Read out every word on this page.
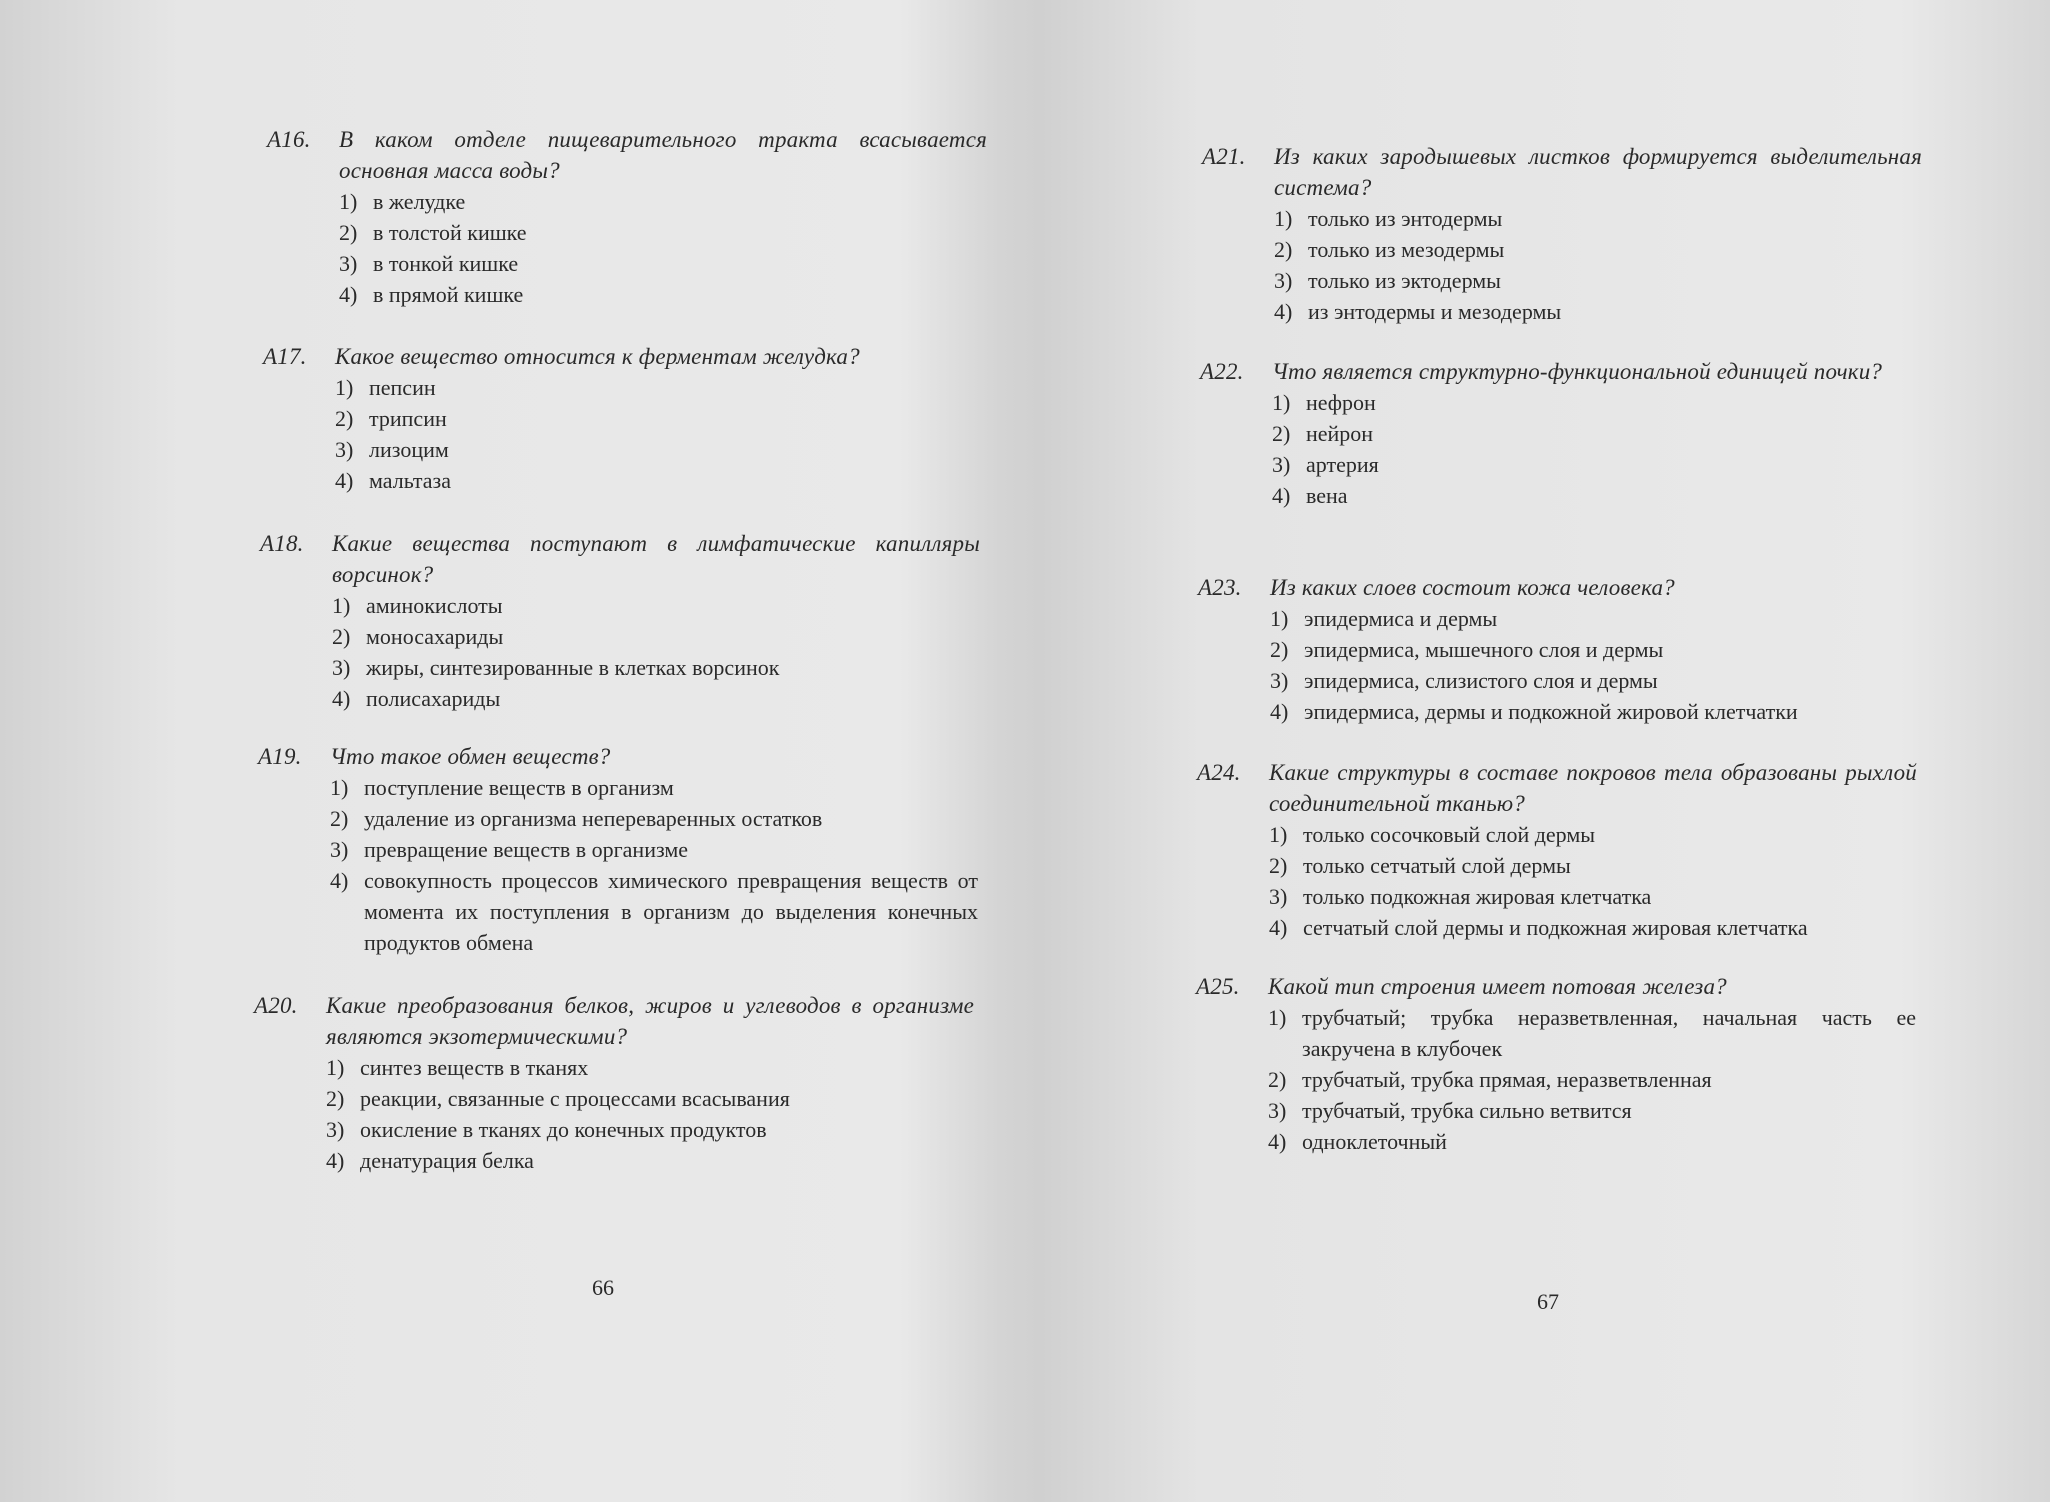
А16.	В каком отделе пищеварительного тракта всасывается основная масса воды?
1) в желудке
2) в толстой кишке
3) в тонкой кишке
4) в прямой кишке
А17.	Какое вещество относится к ферментам желудка?
1) пепсин
2) трипсин
3) лизоцим
4) мальтаза
А18.	Какие вещества поступают в лимфатические капилляры ворсинок?
1) аминокислоты
2) моносахариды
3) жиры, синтезированные в клетках ворсинок
4) полисахариды
А19.	Что такое обмен веществ?
1) поступление веществ в организм
2) удаление из организма непереваренных остатков
3) превращение веществ в организме
4) совокупность процессов химического превращения веществ от момента их поступления в организм до выделения конечных продуктов обмена
А20.	Какие преобразования белков, жиров и углеводов в организме являются экзотермическими?
1) синтез веществ в тканях
2) реакции, связанные с процессами всасывания
3) окисление в тканях до конечных продуктов
4) денатурация белка
66
А21.	Из каких зародышевых листков формируется выделительная система?
1) только из энтодермы
2) только из мезодермы
3) только из эктодермы
4) из энтодермы и мезодермы
А22.	Что является структурно-функциональной единицей почки?
1) нефрон
2) нейрон
3) артерия
4) вена
А23.	Из каких слоев состоит кожа человека?
1) эпидермиса и дермы
2) эпидермиса, мышечного слоя и дермы
3) эпидермиса, слизистого слоя и дермы
4) эпидермиса, дермы и подкожной жировой клетчатки
А24.	Какие структуры в составе покровов тела образованы рыхлой соединительной тканью?
1) только сосочковый слой дермы
2) только сетчатый слой дермы
3) только подкожная жировая клетчатка
4) сетчатый слой дермы и подкожная жировая клетчатка
А25.	Какой тип строения имеет потовая железа?
1) трубчатый; трубка неразветвленная, начальная часть ее закручена в клубочек
2) трубчатый, трубка прямая, неразветвленная
3) трубчатый, трубка сильно ветвится
4) одноклеточный
67
